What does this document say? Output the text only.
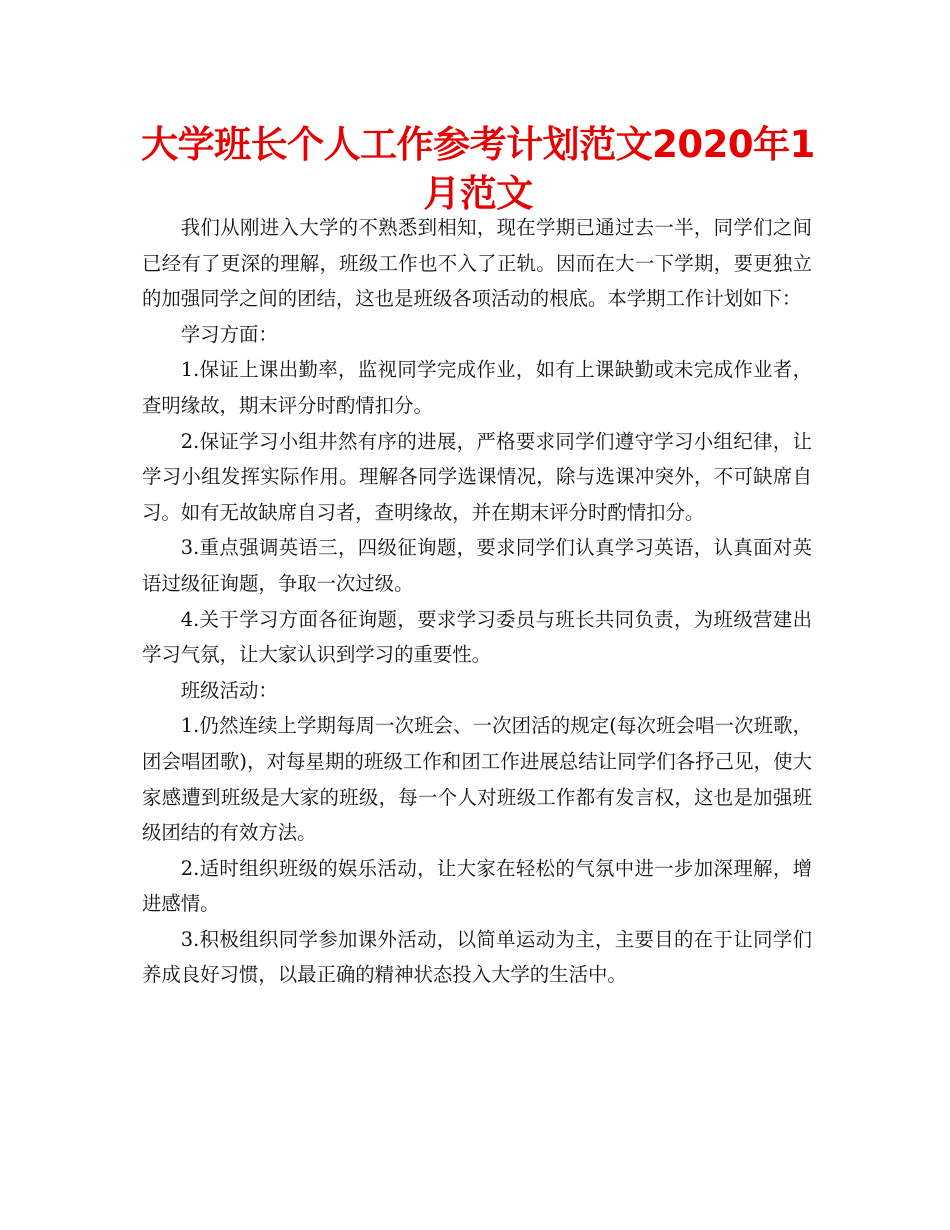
大学班长个人工作参考计划范文2020年1月范文

我们从刚进入大学的不熟悉到相知，现在学期已通过去一半，同学们之间已经有了更深的理解，班级工作也不入了正轨。因而在大一下学期，要更独立的加强同学之间的团结，这也是班级各项活动的根底。本学期工作计划如下：

学习方面：

1.保证上课出勤率，监视同学完成作业，如有上课缺勤或未完成作业者，查明缘故，期末评分时酌情扣分。

2.保证学习小组井然有序的进展，严格要求同学们遵守学习小组纪律，让学习小组发挥实际作用。理解各同学选课情况，除与选课冲突外，不可缺席自习。如有无故缺席自习者，查明缘故，并在期末评分时酌情扣分。

3.重点强调英语三，四级征询题，要求同学们认真学习英语，认真面对英语过级征询题，争取一次过级。

4.关于学习方面各征询题，要求学习委员与班长共同负责，为班级营建出学习气氛，让大家认识到学习的重要性。

班级活动：

1.仍然连续上学期每周一次班会、一次团活的规定(每次班会唱一次班歌，团会唱团歌)，对每星期的班级工作和团工作进展总结让同学们各抒己见，使大家感遭到班级是大家的班级，每一个人对班级工作都有发言权，这也是加强班级团结的有效方法。

2.适时组织班级的娱乐活动，让大家在轻松的气氛中进一步加深理解，增进感情。

3.积极组织同学参加课外活动，以简单运动为主，主要目的在于让同学们养成良好习惯，以最正确的精神状态投入大学的生活中。
